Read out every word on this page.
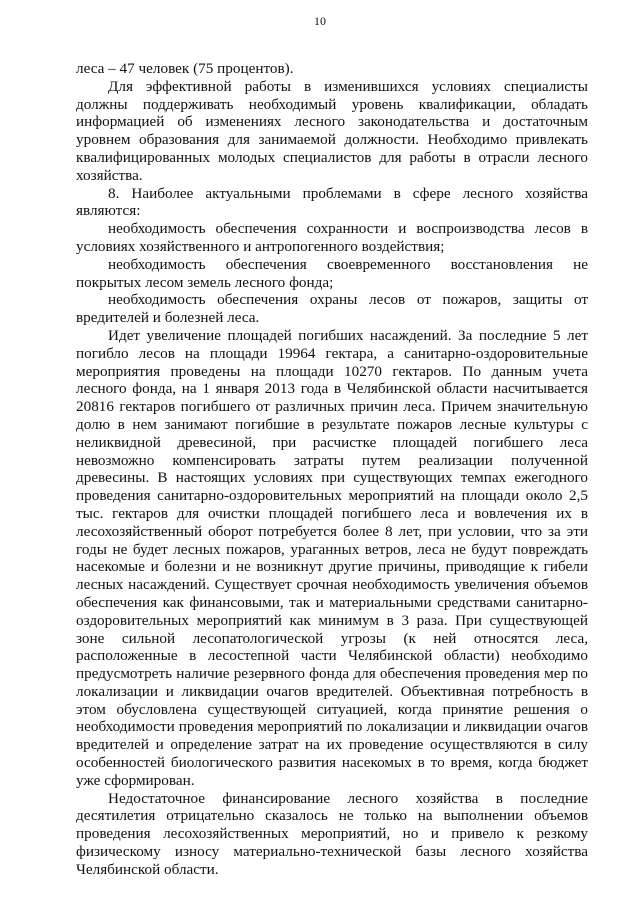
10

леса – 47 человек (75 процентов).

Для эффективной работы в изменившихся условиях специалисты должны поддерживать необходимый уровень квалификации, обладать информацией об изменениях лесного законодательства и достаточным уровнем образования для занимаемой должности. Необходимо привлекать квалифицированных молодых специалистов для работы в отрасли лесного хозяйства.

8. Наиболее актуальными проблемами в сфере лесного хозяйства являются:

необходимость обеспечения сохранности и воспроизводства лесов в условиях хозяйственного и антропогенного воздействия;

необходимость обеспечения своевременного восстановления не покрытых лесом земель лесного фонда;

необходимость обеспечения охраны лесов от пожаров, защиты от вредителей и болезней леса.

Идет увеличение площадей погибших насаждений. За последние 5 лет погибло лесов на площади 19964 гектара, а санитарно-оздоровительные мероприятия проведены на площади 10270 гектаров. По данным учета лесного фонда, на 1 января 2013 года в Челябинской области насчитывается 20816 гектаров погибшего от различных причин леса. Причем значительную долю в нем занимают погибшие в результате пожаров лесные культуры с неликвидной древесиной, при расчистке площадей погибшего леса невозможно компенсировать затраты путем реализации полученной древесины. В настоящих условиях при существующих темпах ежегодного проведения санитарно-оздоровительных мероприятий на площади около 2,5 тыс. гектаров для очистки площадей погибшего леса и вовлечения их в лесохозяйственный оборот потребуется более 8 лет, при условии, что за эти годы не будет лесных пожаров, ураганных ветров, леса не будут повреждать насекомые и болезни и не возникнут другие причины, приводящие к гибели лесных насаждений. Существует срочная необходимость увеличения объемов обеспечения как финансовыми, так и материальными средствами санитарно-оздоровительных мероприятий как минимум в 3 раза. При существующей зоне сильной лесопатологической угрозы (к ней относятся леса, расположенные в лесостепной части Челябинской области) необходимо предусмотреть наличие резервного фонда для обеспечения проведения мер по локализации и ликвидации очагов вредителей. Объективная потребность в этом обусловлена существующей ситуацией, когда принятие решения о необходимости проведения мероприятий по локализации и ликвидации очагов вредителей и определение затрат на их проведение осуществляются в силу особенностей биологического развития насекомых в то время, когда бюджет уже сформирован.

Недостаточное финансирование лесного хозяйства в последние десятилетия отрицательно сказалось не только на выполнении объемов проведения лесохозяйственных мероприятий, но и привело к резкому физическому износу материально-технической базы лесного хозяйства Челябинской области.
